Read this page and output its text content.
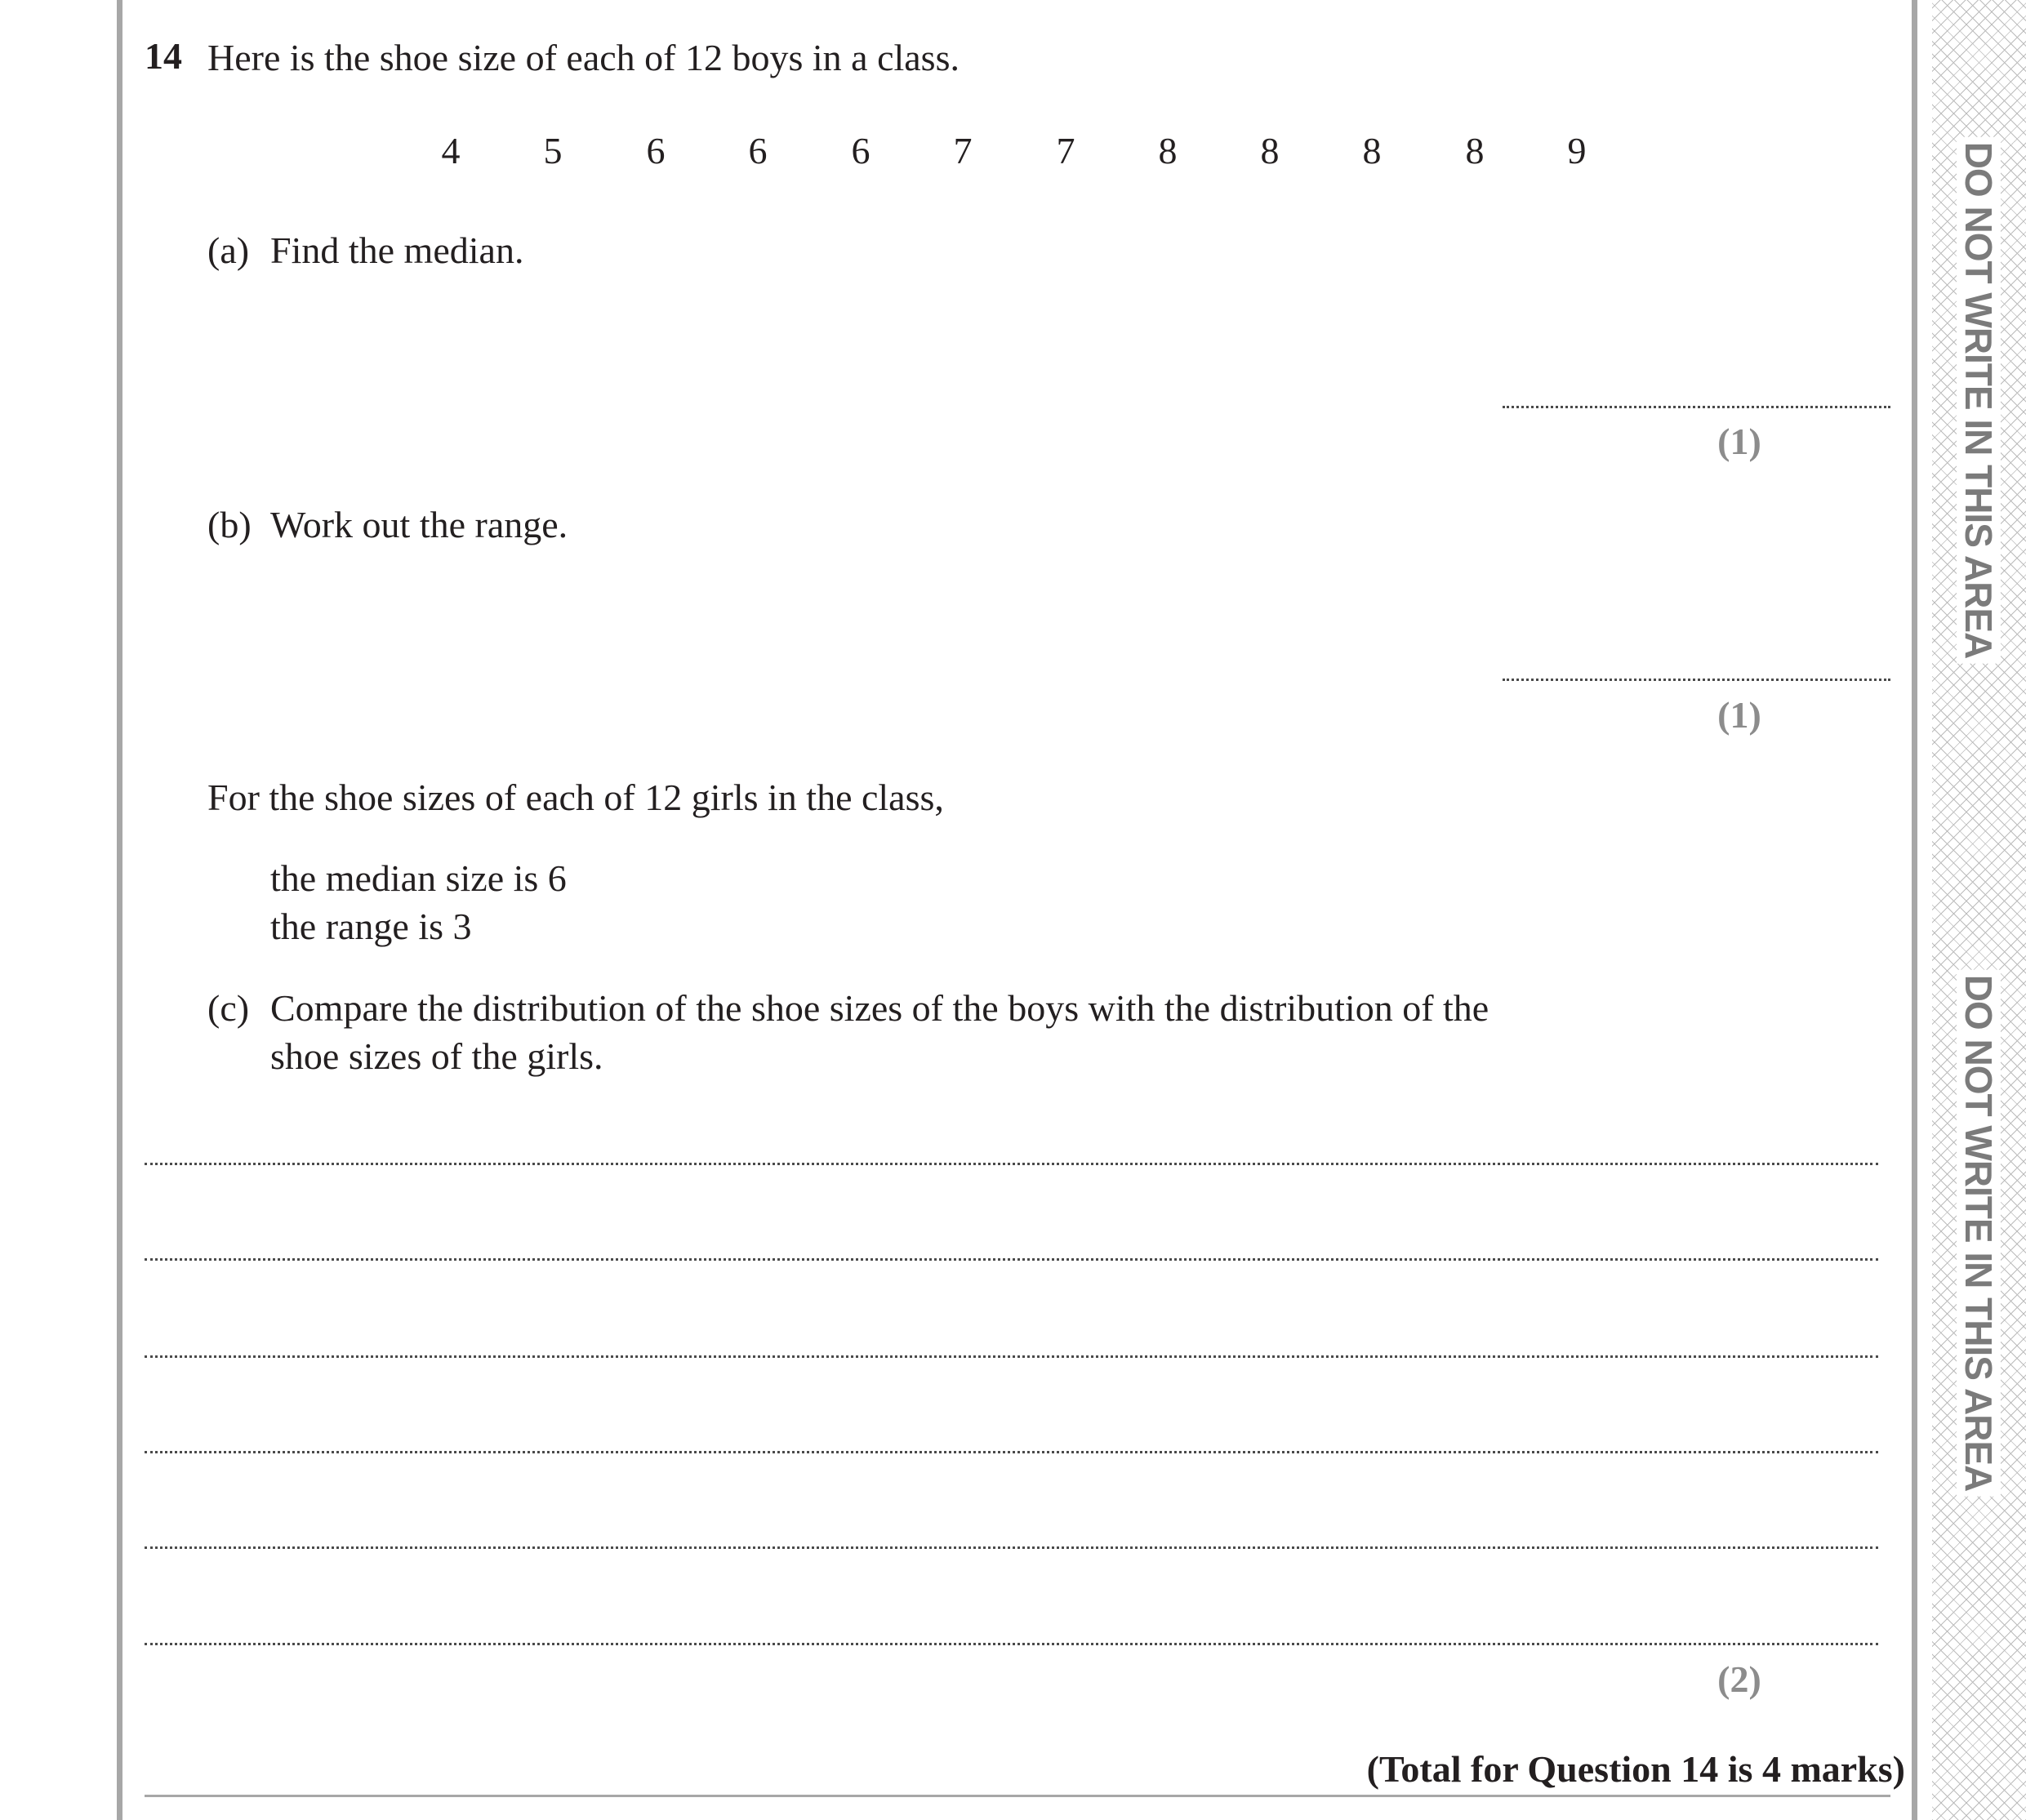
DO NOT WRITE IN THIS AREA
DO NOT WRITE IN THIS AREA
14 Here is the shoe size of each of 12 boys in a class.
4	5	6	6	6	7	7	8	8	8	8	9
(a) Find the median.
(1)
(b) Work out the range.
(1)
For the shoe sizes of each of 12 girls in the class,
the median size is 6
the range is 3
(c) Compare the distribution of the shoe sizes of the boys with the distribution of the
shoe sizes of the girls.
(2)
(Total for Question 14 is 4 marks)
